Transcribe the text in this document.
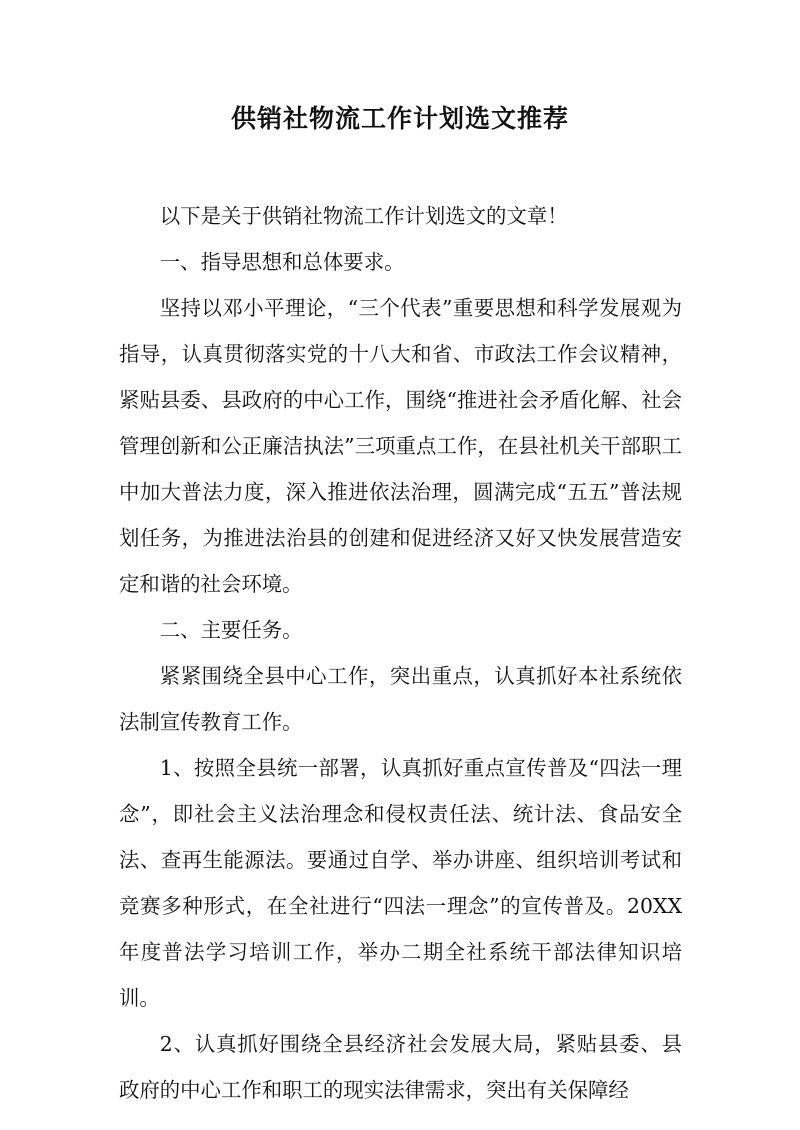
供销社物流工作计划选文推荐

以下是关于供销社物流工作计划选文的文章！

一、指导思想和总体要求。

坚持以邓小平理论，“三个代表”重要思想和科学发展观为指导，认真贯彻落实党的十八大和省、市政法工作会议精神，紧贴县委、县政府的中心工作，围绕“推进社会矛盾化解、社会管理创新和公正廉洁执法”三项重点工作，在县社机关干部职工中加大普法力度，深入推进依法治理，圆满完成“五五”普法规划任务，为推进法治县的创建和促进经济又好又快发展营造安定和谐的社会环境。

二、主要任务。

紧紧围绕全县中心工作，突出重点，认真抓好本社系统依法制宣传教育工作。

1、按照全县统一部署，认真抓好重点宣传普及“四法一理念”，即社会主义法治理念和侵权责任法、统计法、食品安全法、查再生能源法。要通过自学、举办讲座、组织培训考试和竞赛多种形式，在全社进行“四法一理念”的宣传普及。20XX年度普法学习培训工作，举办二期全社系统干部法律知识培训。

2、认真抓好围绕全县经济社会发展大局，紧贴县委、县政府的中心工作和职工的现实法律需求，突出有关保障经
